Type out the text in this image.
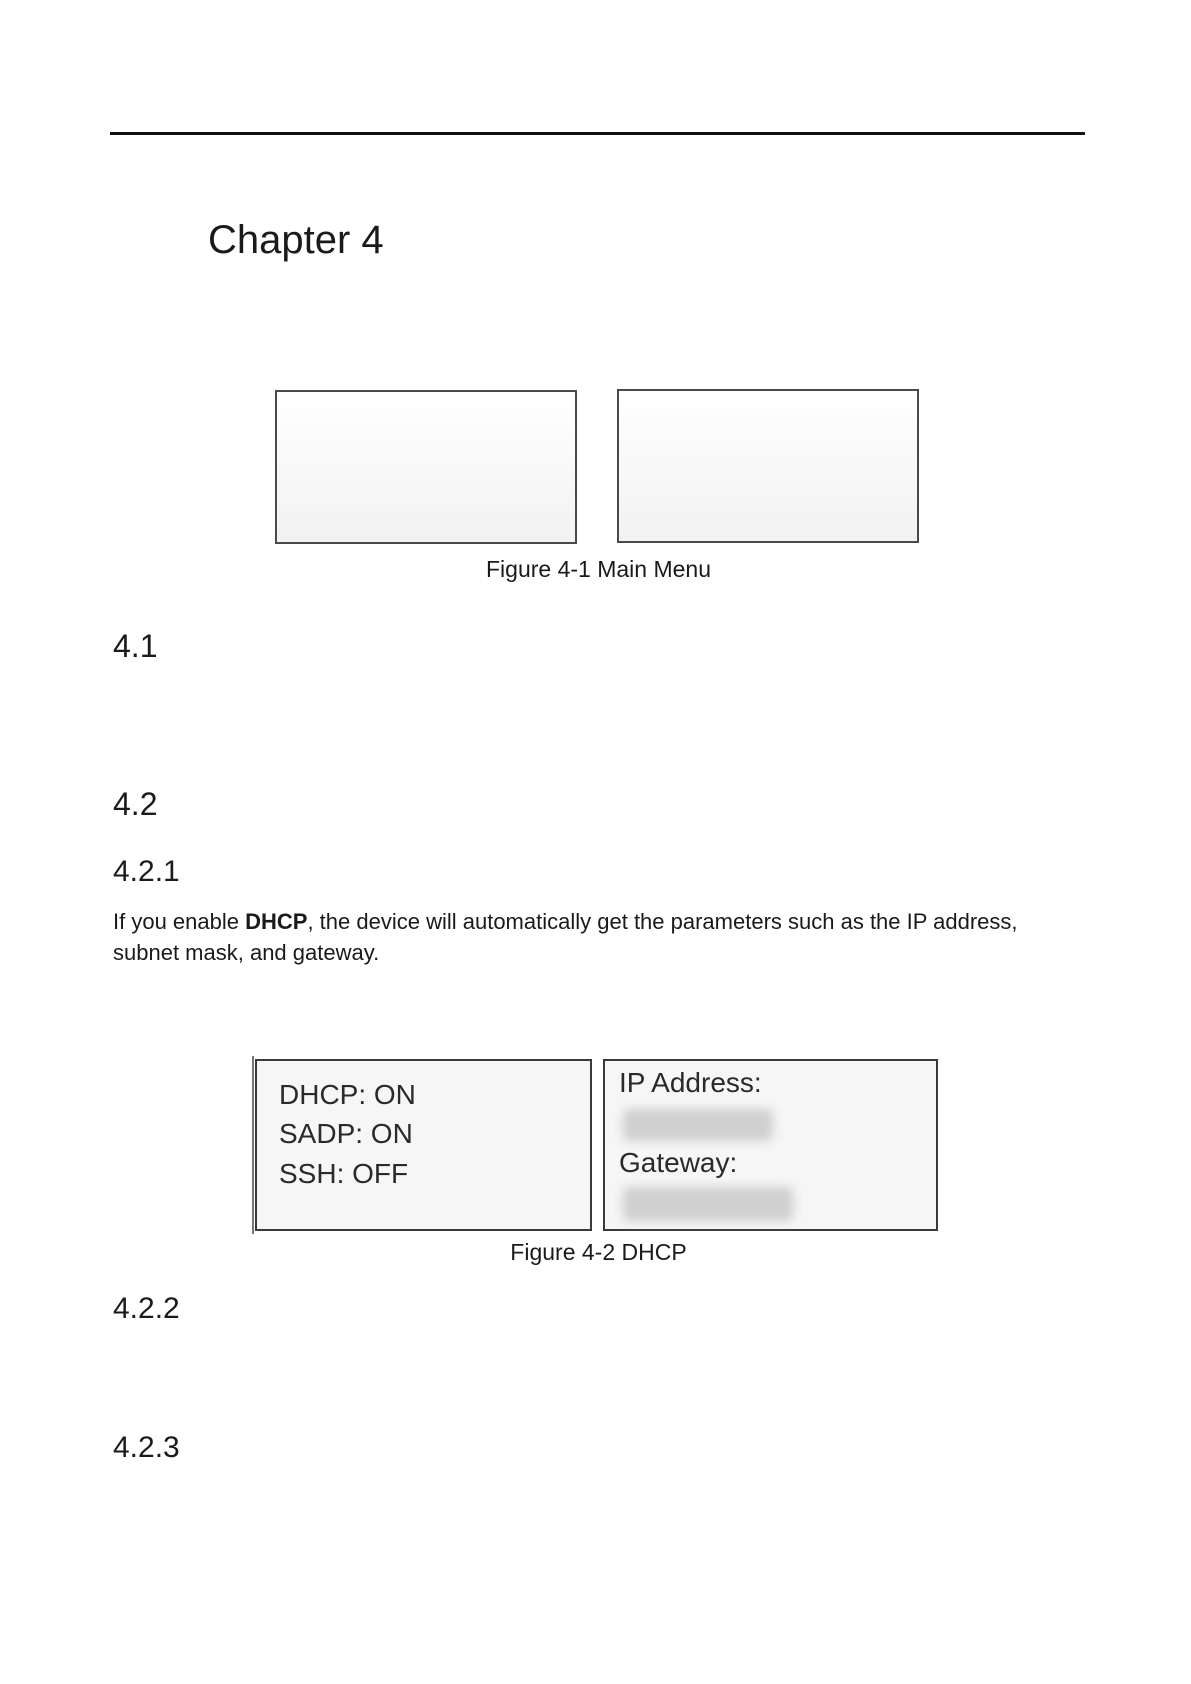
Chapter 4
Figure 4-1 Main Menu
4.1
4.2
4.2.1
If you enable DHCP, the device will automatically get the parameters such as the IP address, subnet mask, and gateway.
DHCP: ON
SADP: ON
SSH: OFF
IP Address:
Gateway:
Figure 4-2 DHCP
4.2.2
4.2.3
